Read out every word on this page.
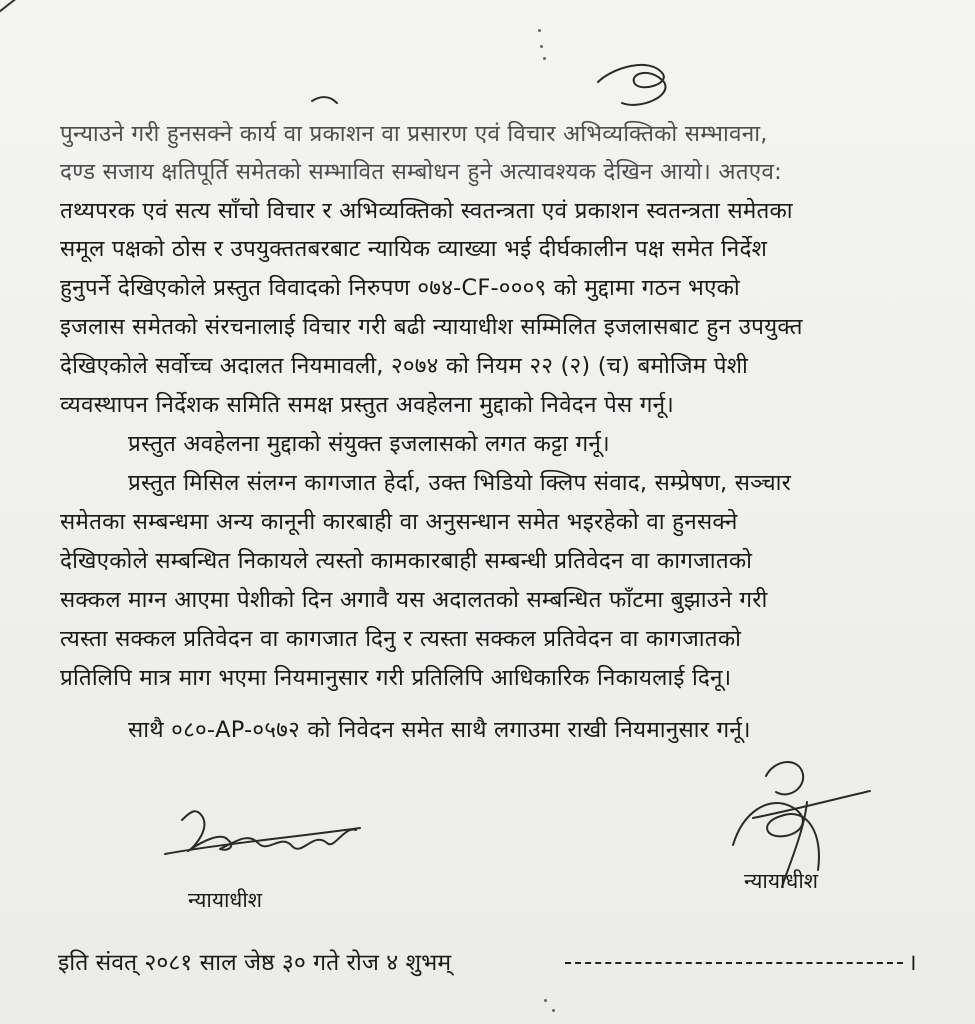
पुन्याउने गरी हुनसक्ने कार्य वा प्रकाशन वा प्रसारण एवं विचार अभिव्यक्तिको सम्भावना,
दण्ड सजाय क्षतिपूर्ति समेतको सम्भावित सम्बोधन हुने अत्यावश्यक देखिन आयो। अतएव:
तथ्यपरक एवं सत्य साँचो विचार र अभिव्यक्तिको स्वतन्त्रता एवं प्रकाशन स्वतन्त्रता समेतका
समूल पक्षको ठोस र उपयुक्ततबरबाट न्यायिक व्याख्या भई दीर्घकालीन पक्ष समेत निर्देश
हुनुपर्ने देखिएकोले प्रस्तुत विवादको निरुपण ०७४-CF-०००९ को मुद्दामा गठन भएको
इजलास समेतको संरचनालाई विचार गरी बढी न्यायाधीश सम्मिलित इजलासबाट हुन उपयुक्त
देखिएकोले सर्वोच्च अदालत नियमावली, २०७४ को नियम २२ (२) (च) बमोजिम पेशी
व्यवस्थापन निर्देशक समिति समक्ष प्रस्तुत अवहेलना मुद्दाको निवेदन पेस गर्नू।
प्रस्तुत अवहेलना मुद्दाको संयुक्त इजलासको लगत कट्टा गर्नू।
प्रस्तुत मिसिल संलग्न कागजात हेर्दा, उक्त भिडियो क्लिप संवाद, सम्प्रेषण, सञ्चार
समेतका सम्बन्धमा अन्य कानूनी कारबाही वा अनुसन्धान समेत भइरहेको वा हुनसक्ने
देखिएकोले सम्बन्धित निकायले त्यस्तो कामकारबाही सम्बन्धी प्रतिवेदन वा कागजातको
सक्कल माग्न आएमा पेशीको दिन अगावै यस अदालतको सम्बन्धित फाँटमा बुझाउने गरी
त्यस्ता सक्कल प्रतिवेदन वा कागजात दिनु र त्यस्ता सक्कल प्रतिवेदन वा कागजातको
प्रतिलिपि मात्र माग भएमा नियमानुसार गरी प्रतिलिपि आधिकारिक निकायलाई दिनू।
साथै ०८०-AP-०५७२ को निवेदन समेत साथै लगाउमा राखी नियमानुसार गर्नू।
न्यायाधीश
न्यायाधीश
इति संवत् २०८१ साल जेष्ठ ३० गते रोज ४ शुभम्	।
